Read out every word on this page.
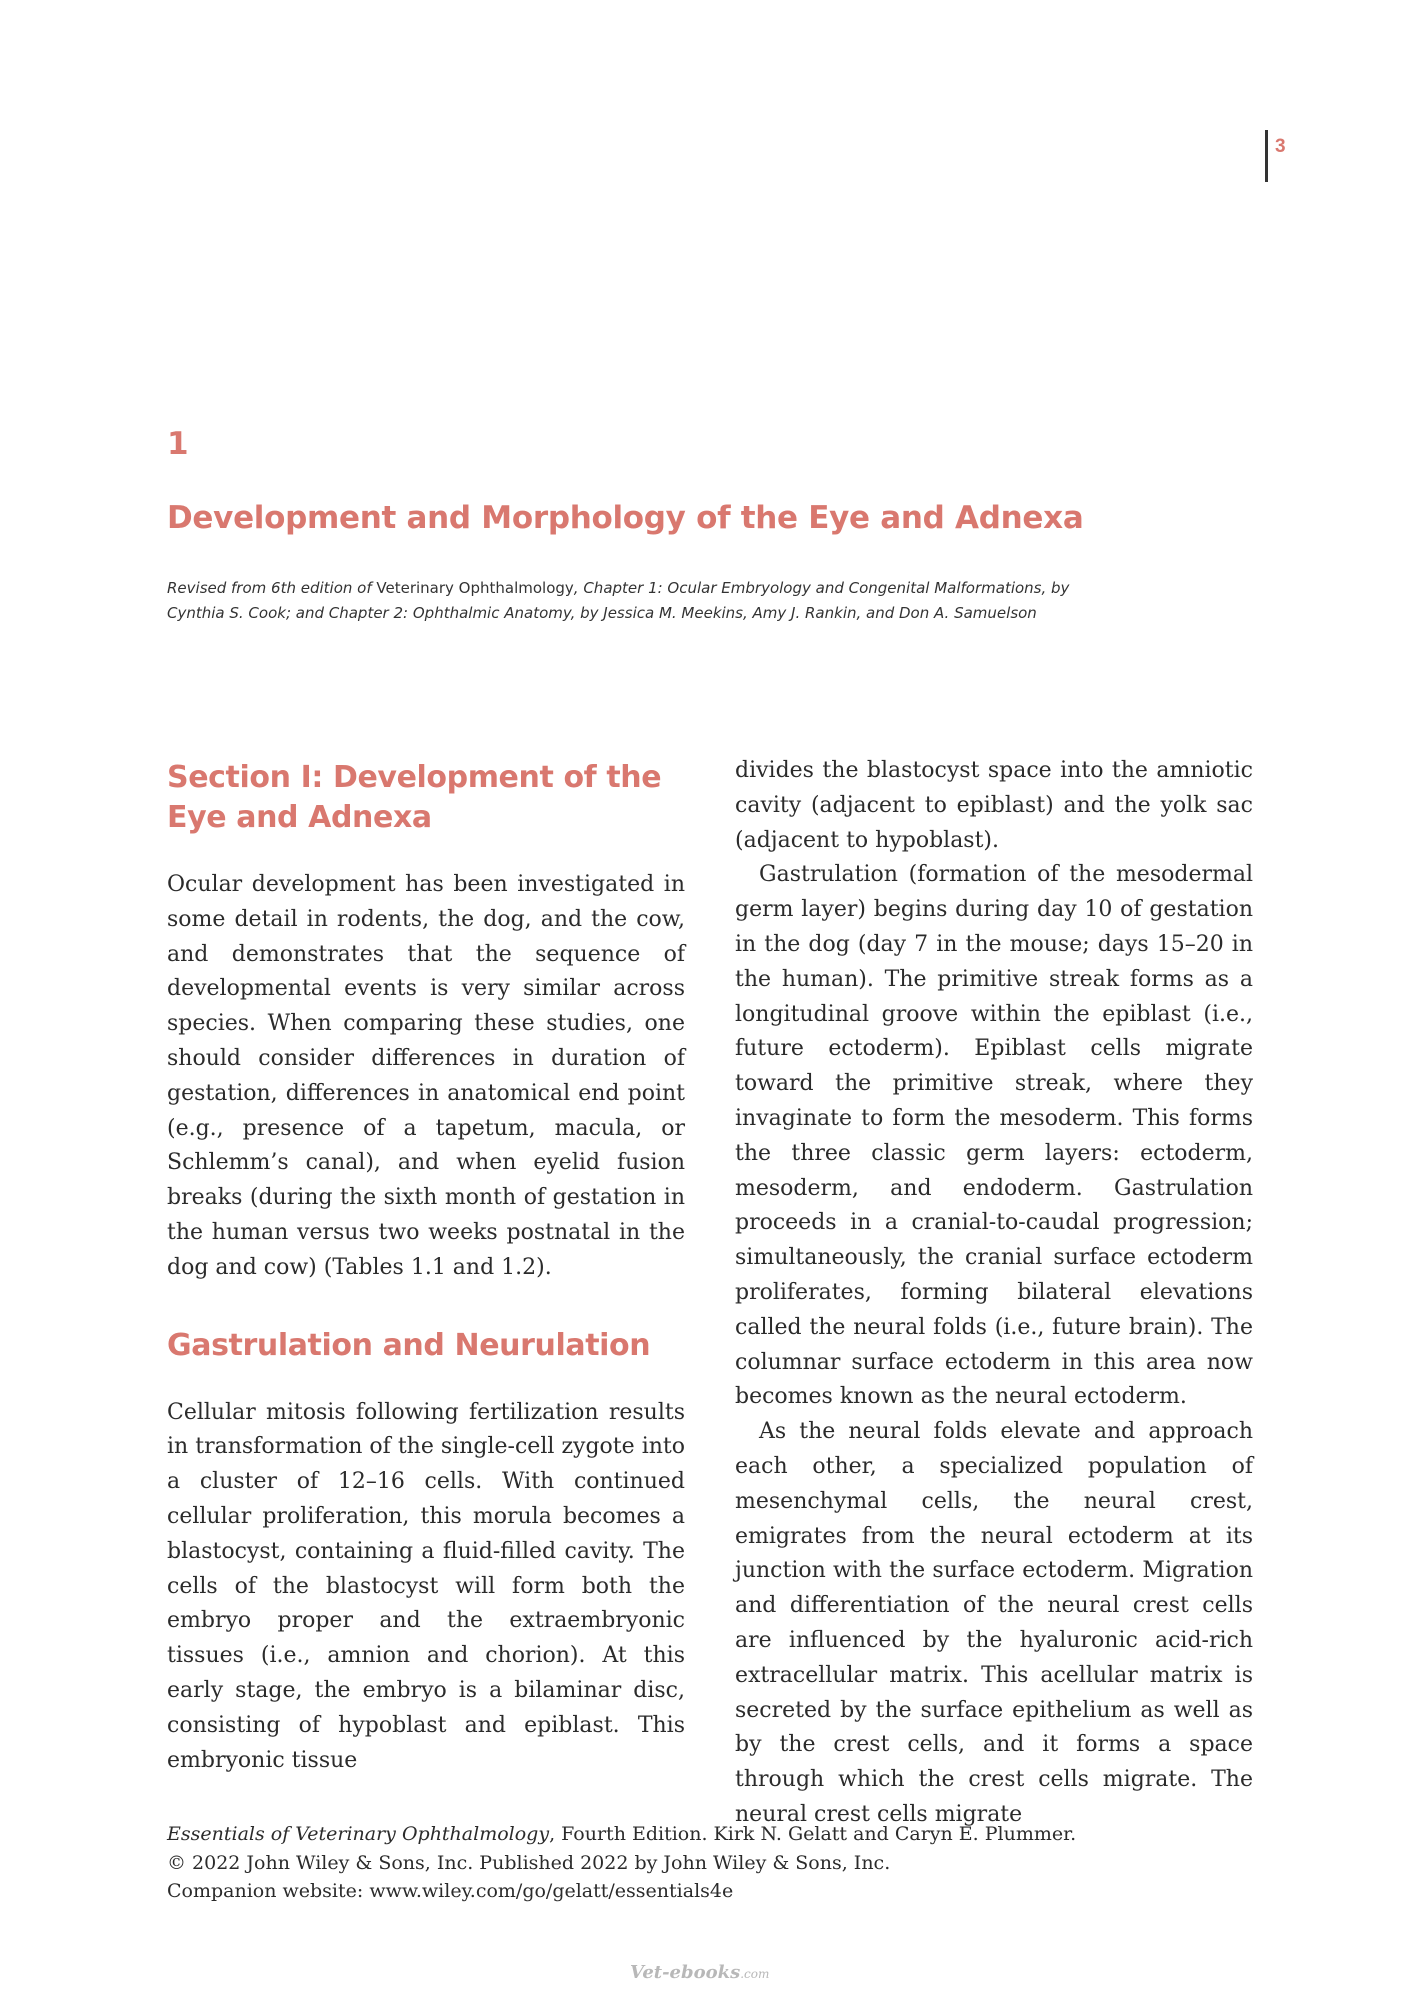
3
1
Development and Morphology of the Eye and Adnexa

Revised from 6th edition of Veterinary Ophthalmology, Chapter 1: Ocular Embryology and Congenital Malformations, by Cynthia S. Cook; and Chapter 2: Ophthalmic Anatomy, by Jessica M. Meekins, Amy J. Rankin, and Don A. Samuelson

Section I: Development of the Eye and Adnexa

Ocular development has been investigated in some detail in rodents, the dog, and the cow, and demonstrates that the sequence of developmental events is very similar across species. When comparing these studies, one should consider differences in duration of gestation, differences in anatomical end point (e.g., presence of a tapetum, macula, or Schlemm’s canal), and when eyelid fusion breaks (during the sixth month of gestation in the human versus two weeks postnatal in the dog and cow) (Tables 1.1 and 1.2).

Gastrulation and Neurulation

Cellular mitosis following fertilization results in transformation of the single-cell zygote into a cluster of 12–16 cells. With continued cellular proliferation, this morula becomes a blastocyst, containing a fluid-filled cavity. The cells of the blastocyst will form both the embryo proper and the extraembryonic tissues (i.e., amnion and chorion). At this early stage, the embryo is a bilaminar disc, consisting of hypoblast and epiblast. This embryonic tissue

divides the blastocyst space into the amniotic cavity (adjacent to epiblast) and the yolk sac (adjacent to hypoblast).

Gastrulation (formation of the mesodermal germ layer) begins during day 10 of gestation in the dog (day 7 in the mouse; days 15–20 in the human). The primitive streak forms as a longitudinal groove within the epiblast (i.e., future ectoderm). Epiblast cells migrate toward the primitive streak, where they invaginate to form the mesoderm. This forms the three classic germ layers: ectoderm, mesoderm, and endoderm. Gastrulation proceeds in a cranial-to-caudal progression; simultaneously, the cranial surface ectoderm proliferates, forming bilateral elevations called the neural folds (i.e., future brain). The columnar surface ectoderm in this area now becomes known as the neural ectoderm.

As the neural folds elevate and approach each other, a specialized population of mesenchymal cells, the neural crest, emigrates from the neural ectoderm at its junction with the surface ectoderm. Migration and differentiation of the neural crest cells are influenced by the hyaluronic acid-rich extracellular matrix. This acellular matrix is secreted by the surface epithelium as well as by the crest cells, and it forms a space through which the crest cells migrate. The neural crest cells migrate

Essentials of Veterinary Ophthalmology, Fourth Edition. Kirk N. Gelatt and Caryn E. Plummer.
© 2022 John Wiley & Sons, Inc. Published 2022 by John Wiley & Sons, Inc.
Companion website: www.wiley.com/go/gelatt/essentials4e
Vet-ebooks.com
